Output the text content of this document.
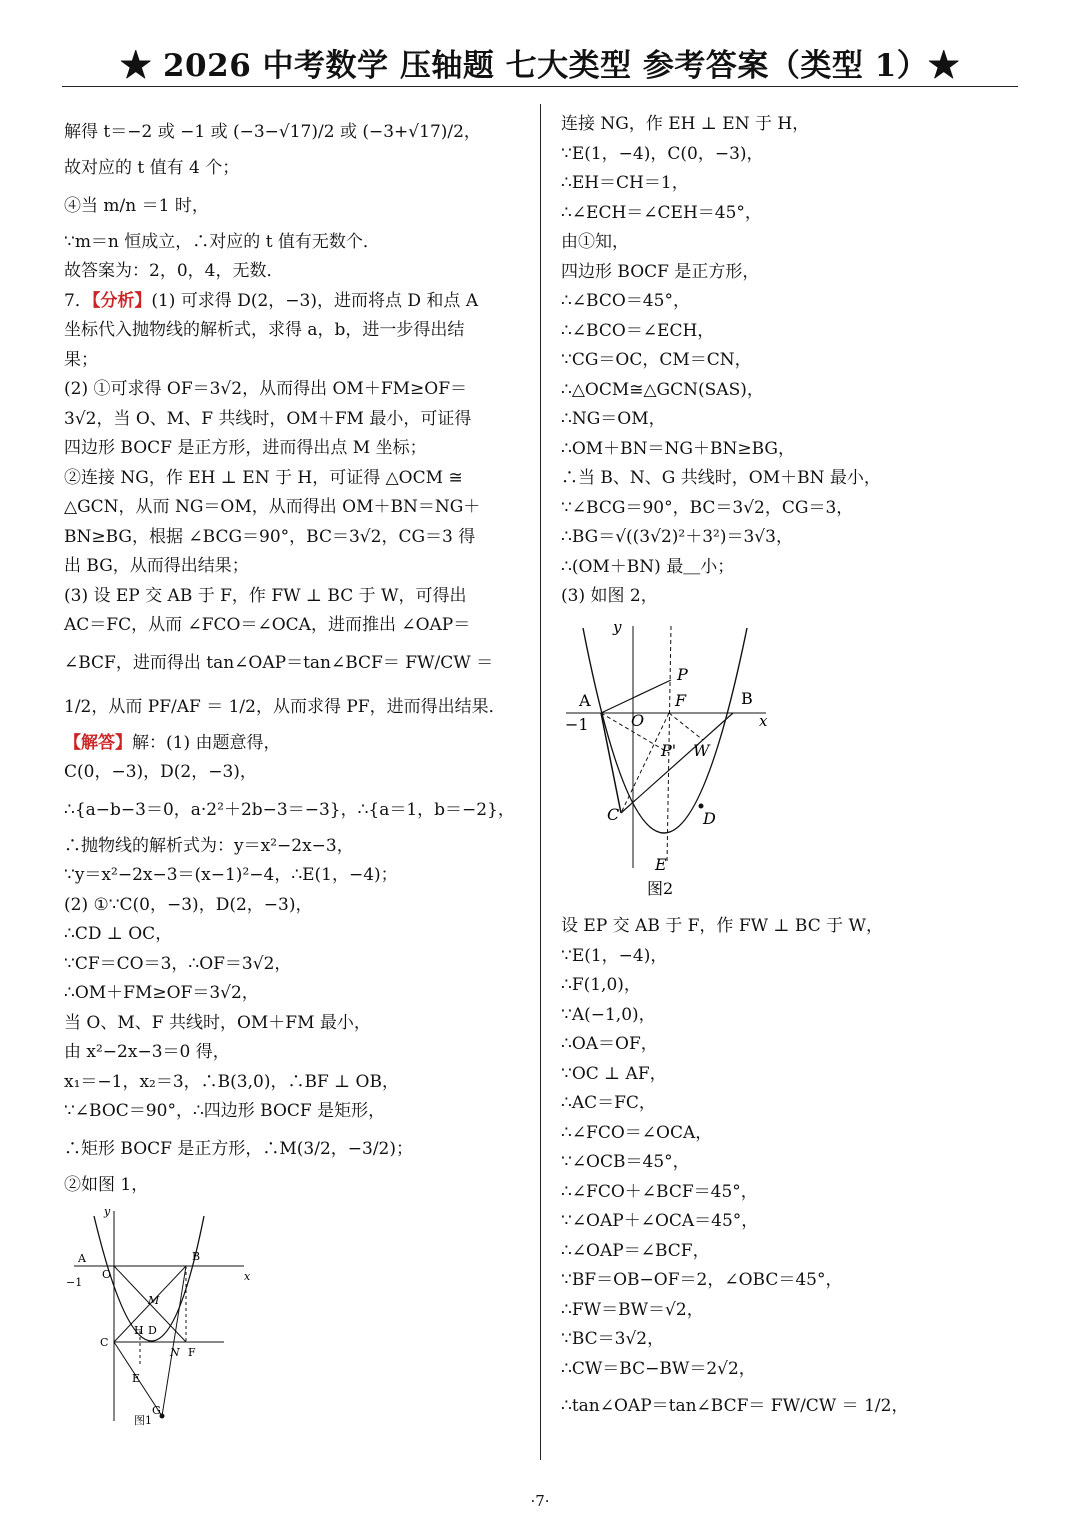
★ 2026 中考数学 压轴题 七大类型 参考答案（类型 1）★

解得 t＝−2 或 −1 或 (−3−√17)/2 或 (−3+√17)/2，

故对应的 t 值有 4 个；

④当 m/n ＝1 时，

∵m＝n 恒成立，∴对应的 t 值有无数个．

故答案为：2，0，4，无数．

7．【分析】(1) 可求得 D(2，−3)，进而将点 D 和点 A

坐标代入抛物线的解析式，求得 a，b，进一步得出结

果；

(2) ①可求得 OF＝3√2，从而得出 OM＋FM≥OF＝

3√2，当 O、M、F 共线时，OM＋FM 最小，可证得

四边形 BOCF 是正方形，进而得出点 M 坐标；

②连接 NG，作 EH ⊥ EN 于 H，可证得 △OCM ≅

△GCN，从而 NG＝OM，从而得出 OM＋BN＝NG＋

BN≥BG，根据 ∠BCG＝90°，BC＝3√2，CG＝3 得

出 BG，从而得出结果；

(3) 设 EP 交 AB 于 F，作 FW ⊥ BC 于 W，可得出

AC＝FC，从而 ∠FCO＝∠OCA，进而推出 ∠OAP＝

∠BCF，进而得出 tan∠OAP＝tan∠BCF＝ FW/CW ＝

1/2，从而 PF/AF ＝ 1/2，从而求得 PF，进而得出结果．

【解答】解：(1) 由题意得，

C(0，−3)，D(2，−3)，

∴{a−b−3＝0，a·2²＋2b−3＝−3}，∴{a＝1，b＝−2}，

∴抛物线的解析式为：y＝x²−2x−3，

∵y＝x²−2x−3＝(x−1)²−4，∴E(1，−4)；

(2) ①∵C(0，−3)，D(2，−3)，

∴CD ⊥ OC，

∵CF＝CO＝3，∴OF＝3√2，

∴OM＋FM≥OF＝3√2，

当 O、M、F 共线时，OM＋FM 最小，

由 x²−2x−3＝0 得，

x₁＝−1，x₂＝3，∴B(3,0)，∴BF ⊥ OB，

∵∠BOC＝90°，∴四边形 BOCF 是矩形，

∴矩形 BOCF 是正方形，∴M(3/2，−3/2)；

②如图 1，

−1
y
x
A	B
O
M
H D
C
N F
E
G
图1

连接 NG，作 EH ⊥ EN 于 H，

∵E(1，−4)，C(0，−3)，

∴EH＝CH＝1，

∴∠ECH＝∠CEH＝45°，

由①知，

四边形 BOCF 是正方形，

∴∠BCO＝45°，

∴∠BCO＝∠ECH，

∵CG＝OC，CM＝CN，

∴△OCM≅△GCN(SAS)，

∴NG＝OM，

∴OM＋BN＝NG＋BN≥BG，

∴当 B、N、G 共线时，OM＋BN 最小，

∵∠BCG＝90°，BC＝3√2，CG＝3，

∴BG＝√((3√2)²＋3²)＝3√3，

∴(OM＋BN) 最＿小；

(3) 如图 2，

−1
y
x
A	B
O
P
F
P' W
C	D
E
图2

设 EP 交 AB 于 F，作 FW ⊥ BC 于 W，

∵E(1，−4)，

∴F(1,0)，

∵A(−1,0)，

∴OA＝OF，

∵OC ⊥ AF，

∴AC＝FC，

∴∠FCO＝∠OCA，

∵∠OCB＝45°，

∴∠FCO＋∠BCF＝45°，

∵∠OAP＋∠OCA＝45°，

∴∠OAP＝∠BCF，

∵BF＝OB−OF＝2，∠OBC＝45°，

∴FW＝BW＝√2，

∵BC＝3√2，

∴CW＝BC−BW＝2√2，

∴tan∠OAP＝tan∠BCF＝ FW/CW ＝ 1/2，

·7·
